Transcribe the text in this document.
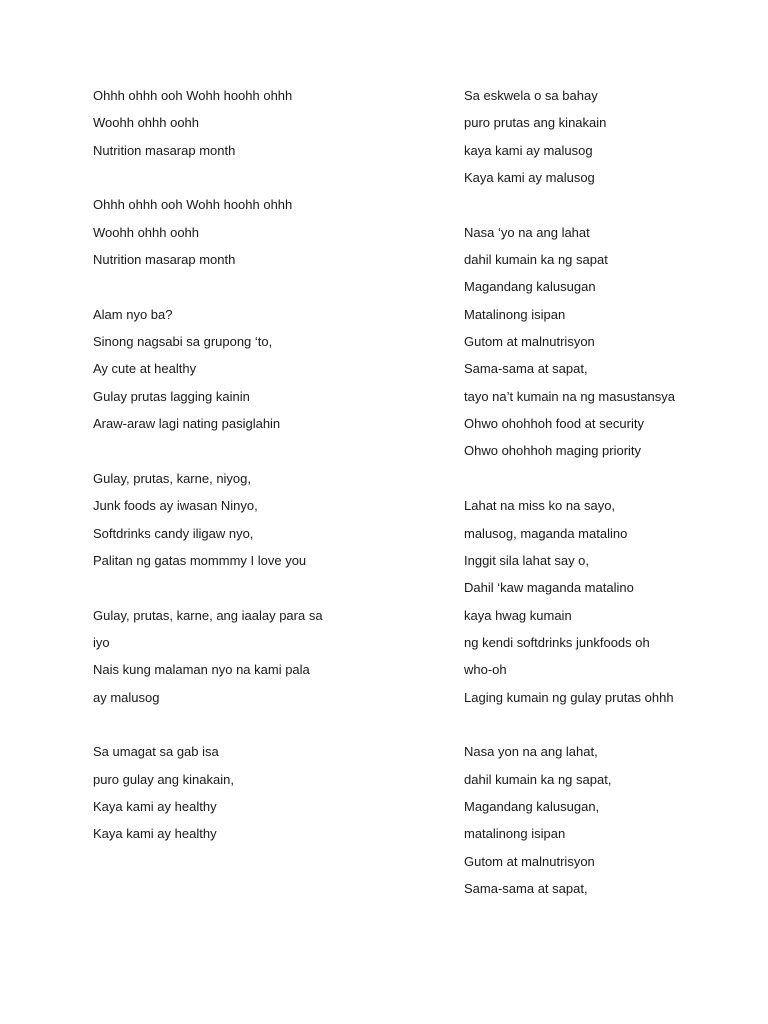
Ohhh ohhh ooh Wohh hoohh ohhh
Woohh ohhh oohh
Nutrition masarap month
Ohhh ohhh ooh Wohh hoohh ohhh
Woohh ohhh oohh
Nutrition masarap month
Alam nyo ba?
Sinong nagsabi sa grupong ‘to,
Ay cute at healthy
Gulay prutas lagging kainin
Araw-araw lagi nating pasiglahin
Gulay, prutas, karne, niyog,
Junk foods ay iwasan Ninyo,
Softdrinks candy iligaw nyo,
Palitan ng gatas mommmy I love you
Gulay, prutas, karne, ang iaalay para sa
iyo
Nais kung malaman nyo na kami pala
ay malusog
Sa umagat sa gab isa
puro gulay ang kinakain,
Kaya kami ay healthy
Kaya kami ay healthy
Sa eskwela o sa bahay
puro prutas ang kinakain
kaya kami ay malusog
Kaya kami ay malusog
Nasa ‘yo na ang lahat
dahil kumain ka ng sapat
Magandang kalusugan
Matalinong isipan
Gutom at malnutrisyon
Sama-sama at sapat,
tayo na’t kumain na ng masustansya
Ohwo ohohhoh food at security
Ohwo ohohhoh maging priority
Lahat na miss ko na sayo,
malusog, maganda matalino
Inggit sila lahat say o,
Dahil ‘kaw maganda matalino
kaya hwag kumain
ng kendi softdrinks junkfoods oh
who-oh
Laging kumain ng gulay prutas ohhh
Nasa yon na ang lahat,
dahil kumain ka ng sapat,
Magandang kalusugan,
matalinong isipan
Gutom at malnutrisyon
Sama-sama at sapat,
